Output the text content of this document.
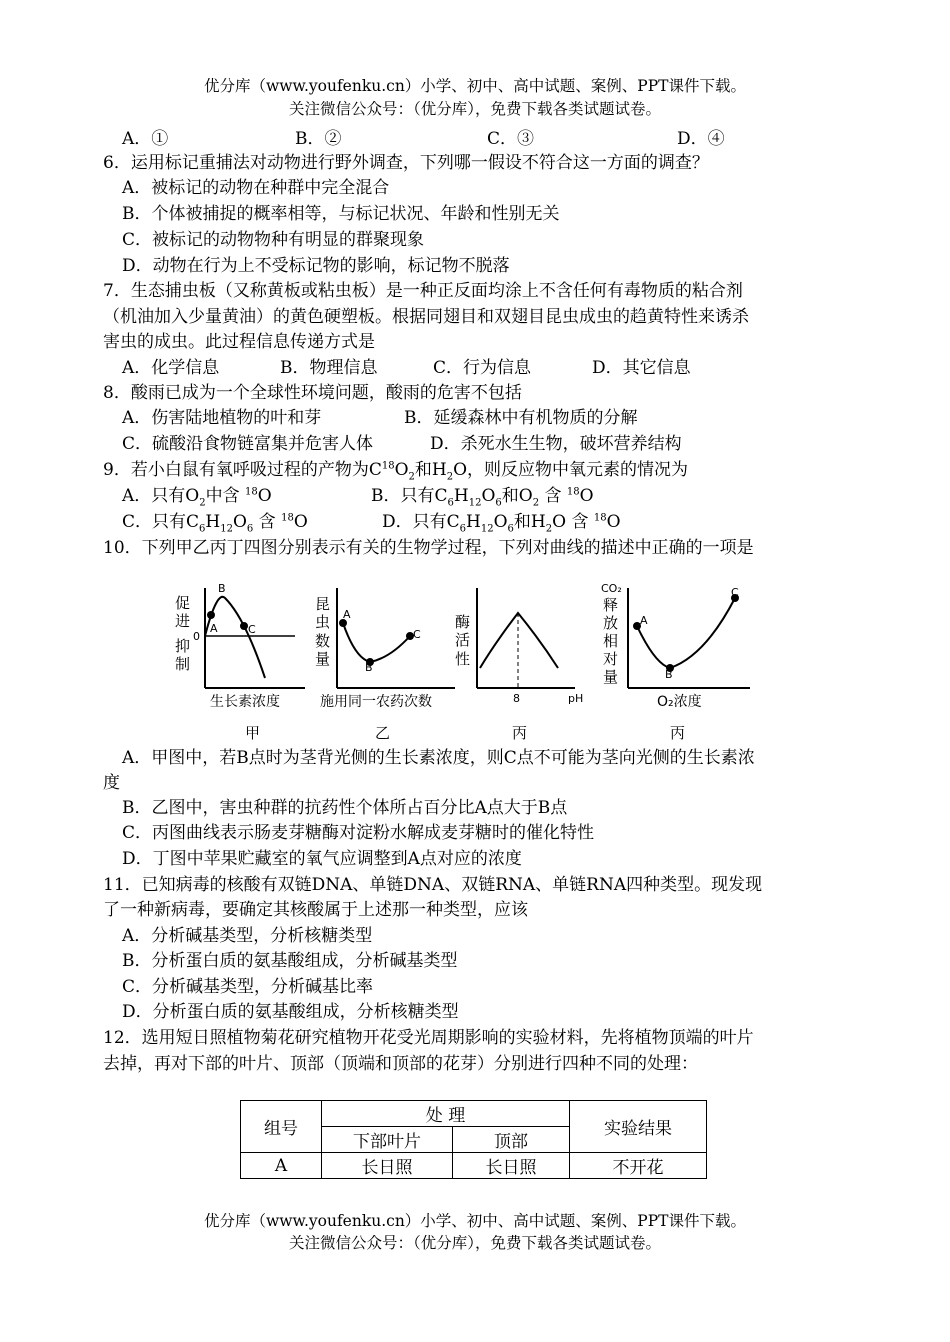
优分库（www.youfenku.cn）小学、初中、高中试题、案例、PPT课件下载。
关注微信公众号：（优分库），免费下载各类试题试卷。
A．①	B．②	C．③	D．④
6．运用标记重捕法对动物进行野外调查，下列哪一假设不符合这一方面的调查？
A．被标记的动物在种群中完全混合
B．个体被捕捉的概率相等，与标记状况、年龄和性别无关
C．被标记的动物物种有明显的群聚现象
D．动物在行为上不受标记物的影响，标记物不脱落
7．生态捕虫板（又称黄板或粘虫板）是一种正反面均涂上不含任何有毒物质的粘合剂
（机油加入少量黄油）的黄色硬塑板。根据同翅目和双翅目昆虫成虫的趋黄特性来诱杀
害虫的成虫。此过程信息传递方式是
A．化学信息	B．物理信息	C．行为信息	D．其它信息
8．酸雨已成为一个全球性环境问题，酸雨的危害不包括
A．伤害陆地植物的叶和芽	B．延缓森林中有机物质的分解
C．硫酸沿食物链富集并危害人体	D．杀死水生生物，破坏营养结构
9．若小白鼠有氧呼吸过程的产物为$C^{18}O_2$和$H_2O$，则反应物中氧元素的情况为
A．只有$O_2$中含 $^{18}$O	B．只有$C_6H_{12}O_6$和$O_2$ 含 $^{18}$O
C．只有$C_6H_{12}O_6$ 含 $^{18}$O	D．只有$C_6H_{12}O_6$和$H_2O$ 含 $^{18}$O
10．下列甲乙丙丁四图分别表示有关的生物学过程，下列对曲线的描述中正确的一项是
促
进
抑
制
0
A
B
C
生长素浓度
甲
昆
虫
数
量
A
B
C
施用同一农药次数
乙
酶
活
性
8	pH
丙
CO₂
释
放
相
对
量
A
B
C
O₂浓度
丙
A．甲图中，若B点时为茎背光侧的生长素浓度，则C点不可能为茎向光侧的生长素浓
度
B．乙图中，害虫种群的抗药性个体所占百分比A点大于B点
C．丙图曲线表示肠麦芽糖酶对淀粉水解成麦芽糖时的催化特性
D．丁图中苹果贮藏室的氧气应调整到A点对应的浓度
11．已知病毒的核酸有双链DNA、单链DNA、双链RNA、单链RNA四种类型。现发现
了一种新病毒，要确定其核酸属于上述那一种类型，应该
A．分析碱基类型，分析核糖类型
B．分析蛋白质的氨基酸组成，分析碱基类型
C．分析碱基类型，分析碱基比率
D．分析蛋白质的氨基酸组成，分析核糖类型
12．选用短日照植物菊花研究植物开花受光周期影响的实验材料，先将植物顶端的叶片
去掉，再对下部的叶片、顶部（顶端和顶部的花芽）分别进行四种不同的处理：
组号	处 理		实验结果
	下部叶片	顶部	
A	长日照	长日照	不开花
优分库（www.youfenku.cn）小学、初中、高中试题、案例、PPT课件下载。
关注微信公众号：（优分库），免费下载各类试题试卷。
